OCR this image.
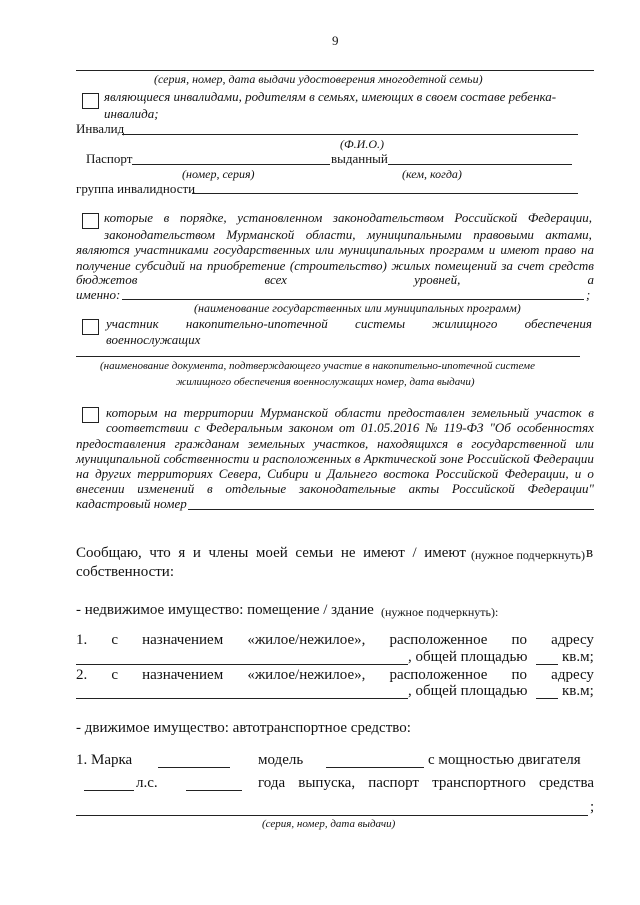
9
(серия, номер, дата выдачи удостоверения многодетной семьи)
являющиеся инвалидами, родителям в семьях, имеющих в своем составе ребенка-
инвалида;
Инвалид
(Ф.И.О.)
Паспорт	выданный
(номер, серия)	(кем, когда)
группа инвалидности
которые в порядке, установленном законодательством Российской Федерации,
законодательством Мурманской области, муниципальными правовыми актами,
являются участниками государственных или муниципальных программ и имеют право на
получение субсидий на приобретение (строительство) жилых помещений за счет средств
бюджетов	всех	уровней,	а
именно:	;
(наименование государственных или муниципальных программ)
участник накопительно-ипотечной системы жилищного обеспечения
военнослужащих
(наименование документа, подтверждающего участие в накопительно-ипотечной системе
жилищного обеспечения военнослужащих номер, дата выдачи)
которым на территории Мурманской области предоставлен земельный участок в
соответствии с Федеральным законом от 01.05.2016 № 119-ФЗ "Об особенностях
предоставления гражданам земельных участков, находящихся в государственной или
муниципальной собственности и расположенных в Арктической зоне Российской Федерации
на других территориях Севера, Сибири и Дальнего востока Российской Федерации, и о
внесении изменений в отдельные законодательные акты Российской Федерации"
кадастровый номер
Сообщаю, что я и члены моей семьи не имеют / имеют (нужное подчеркнуть) в
собственности:
- недвижимое имущество: помещение / здание (нужное подчеркнуть):
1. с назначением «жилое/нежилое», расположенное по адресу
, общей площадью кв.м;
2. с назначением «жилое/нежилое», расположенное по адресу
, общей площадью кв.м;
- движимое имущество: автотранспортное средство:
1. Марка	модель	с мощностью двигателя
л.с.	года выпуска, паспорт транспортного средства
;
(серия, номер, дата выдачи)
